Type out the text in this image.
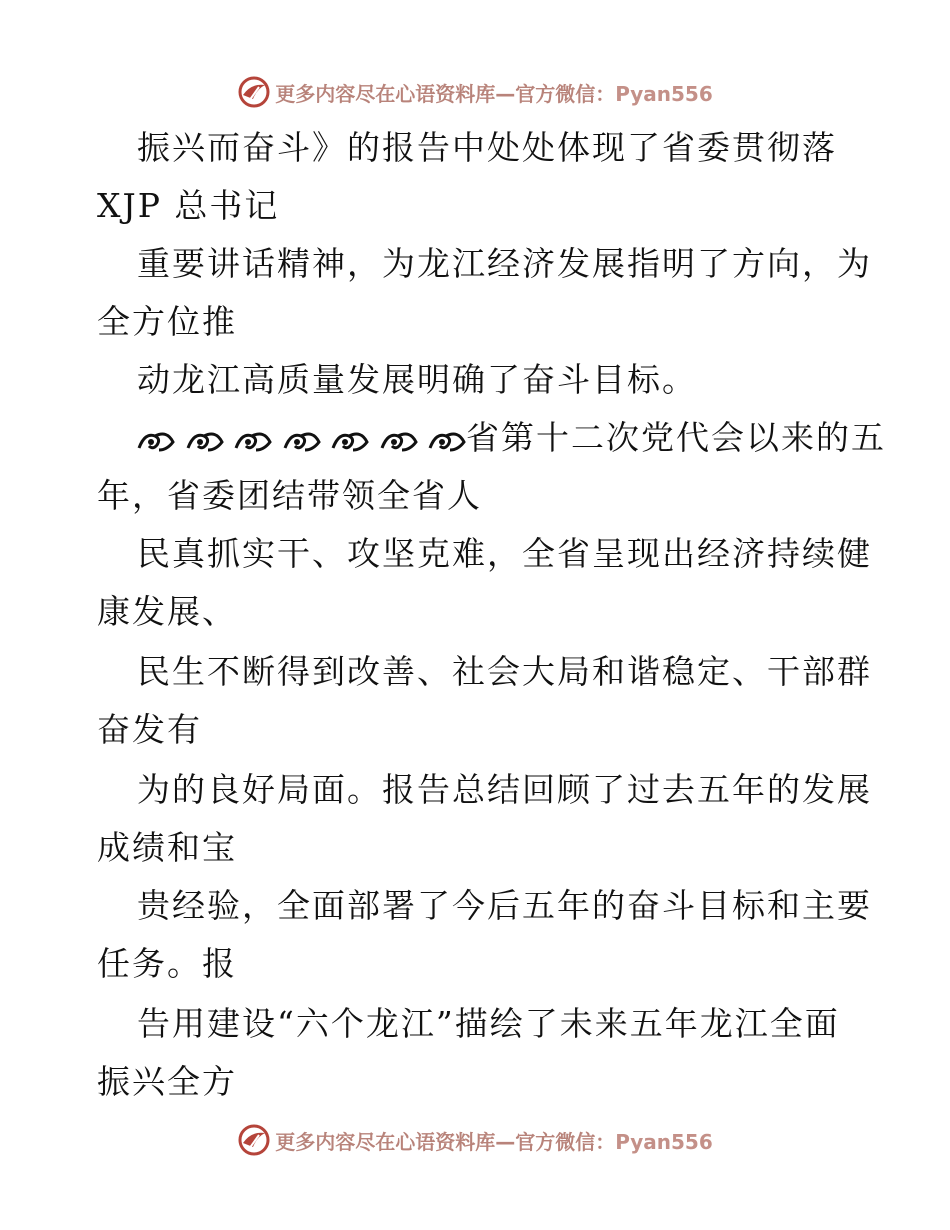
更多内容尽在心语资料库—官方微信：Pyan556
振兴而奋斗》的报告中处处体现了省委贯彻落
XJP 总书记
重要讲话精神，为龙江经济发展指明了方向，为
全方位推
动龙江高质量发展明确了奋斗目标。
省第十二次党代会以来的五
年，省委团结带领全省人
民真抓实干、攻坚克难，全省呈现出经济持续健
康发展、
民生不断得到改善、社会大局和谐稳定、干部群
奋发有
为的良好局面。报告总结回顾了过去五年的发展
成绩和宝
贵经验，全面部署了今后五年的奋斗目标和主要
任务。报
告用建设“六个龙江”描绘了未来五年龙江全面
振兴全方
更多内容尽在心语资料库—官方微信：Pyan556
